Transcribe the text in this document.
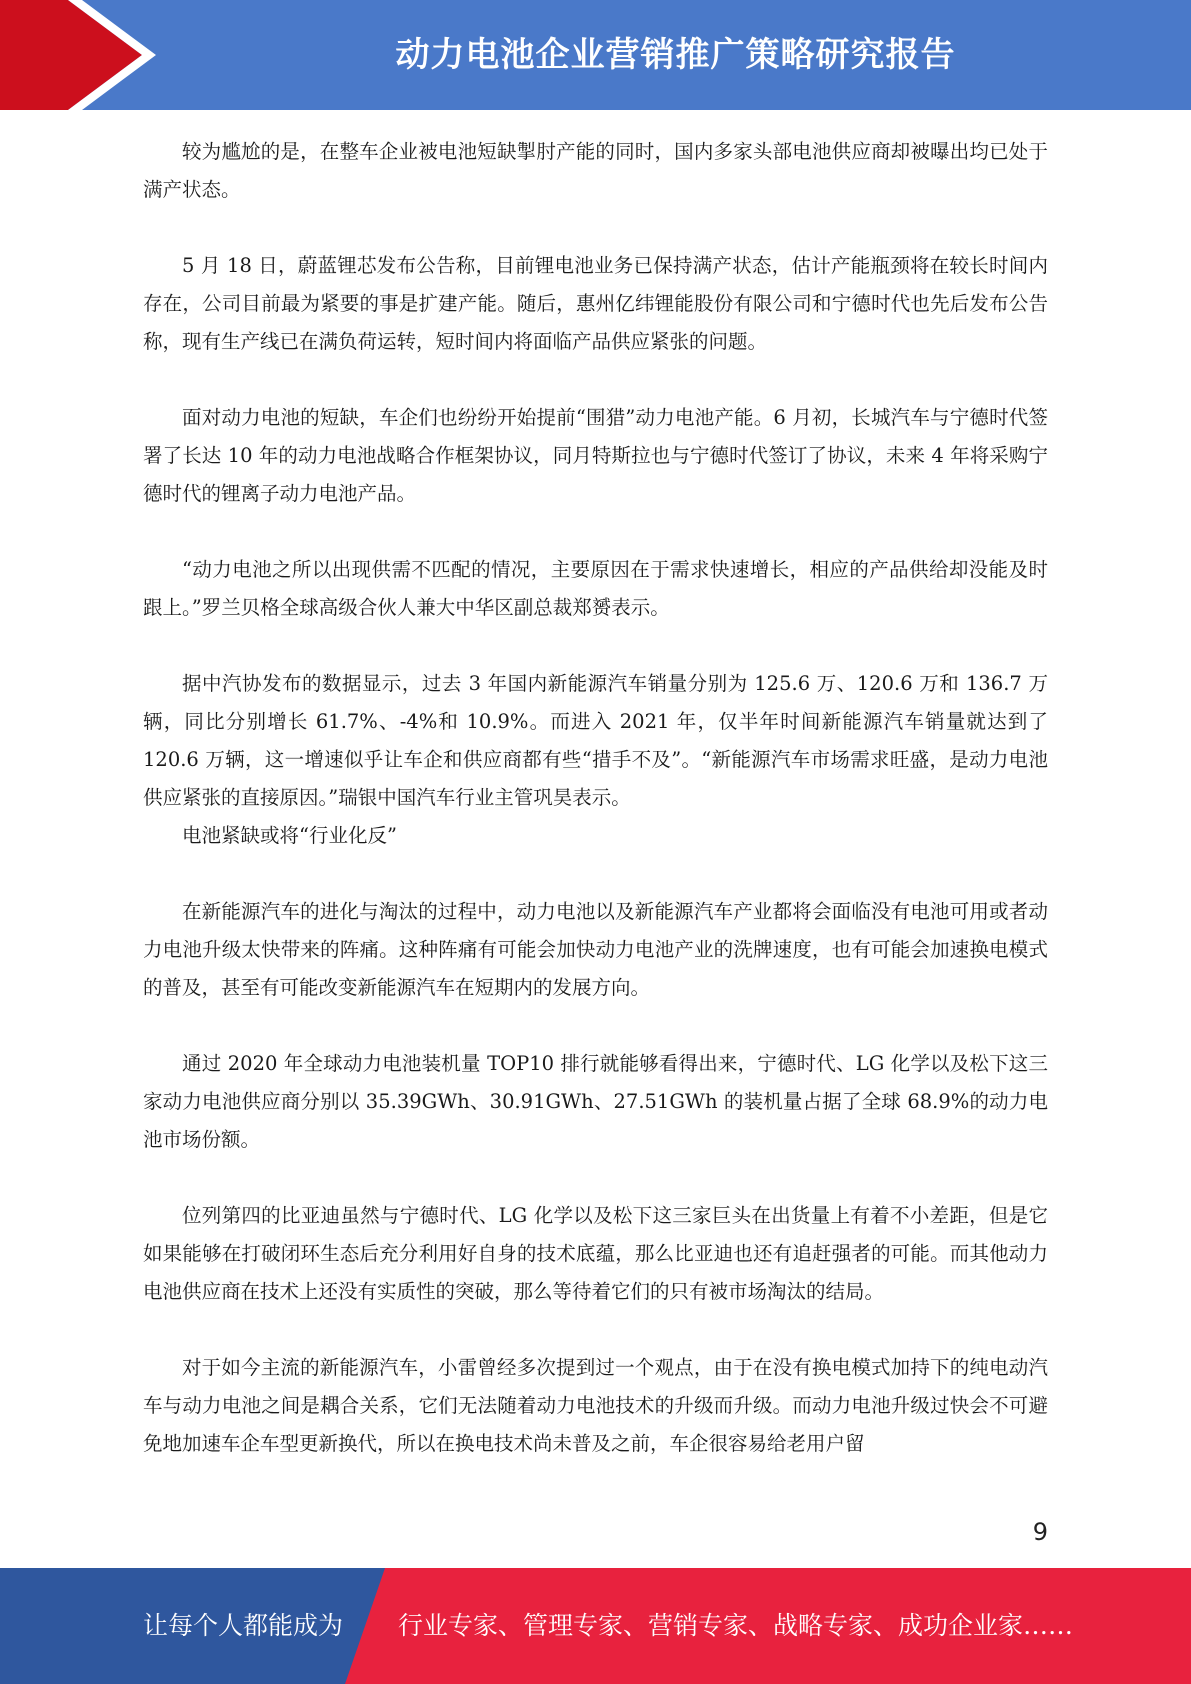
动力电池企业营销推广策略研究报告

较为尴尬的是，在整车企业被电池短缺掣肘产能的同时，国内多家头部电池供应商却被曝出均已处于满产状态。

5 月 18 日，蔚蓝锂芯发布公告称，目前锂电池业务已保持满产状态，估计产能瓶颈将在较长时间内存在，公司目前最为紧要的事是扩建产能。随后，惠州亿纬锂能股份有限公司和宁德时代也先后发布公告称，现有生产线已在满负荷运转，短时间内将面临产品供应紧张的问题。

面对动力电池的短缺，车企们也纷纷开始提前“围猎”动力电池产能。6 月初，长城汽车与宁德时代签署了长达 10 年的动力电池战略合作框架协议，同月特斯拉也与宁德时代签订了协议，未来 4 年将采购宁德时代的锂离子动力电池产品。

“动力电池之所以出现供需不匹配的情况，主要原因在于需求快速增长，相应的产品供给却没能及时跟上。”罗兰贝格全球高级合伙人兼大中华区副总裁郑赟表示。

据中汽协发布的数据显示，过去 3 年国内新能源汽车销量分别为 125.6 万、120.6 万和 136.7 万辆，同比分别增长 61.7%、-4%和 10.9%。而进入 2021 年，仅半年时间新能源汽车销量就达到了 120.6 万辆，这一增速似乎让车企和供应商都有些“措手不及”。“新能源汽车市场需求旺盛，是动力电池供应紧张的直接原因。”瑞银中国汽车行业主管巩昊表示。

电池紧缺或将“行业化反”

在新能源汽车的进化与淘汰的过程中，动力电池以及新能源汽车产业都将会面临没有电池可用或者动力电池升级太快带来的阵痛。这种阵痛有可能会加快动力电池产业的洗牌速度，也有可能会加速换电模式的普及，甚至有可能改变新能源汽车在短期内的发展方向。

通过 2020 年全球动力电池装机量 TOP10 排行就能够看得出来，宁德时代、LG 化学以及松下这三家动力电池供应商分别以 35.39GWh、30.91GWh、27.51GWh 的装机量占据了全球 68.9%的动力电池市场份额。

位列第四的比亚迪虽然与宁德时代、LG 化学以及松下这三家巨头在出货量上有着不小差距，但是它如果能够在打破闭环生态后充分利用好自身的技术底蕴，那么比亚迪也还有追赶强者的可能。而其他动力电池供应商在技术上还没有实质性的突破，那么等待着它们的只有被市场淘汰的结局。

对于如今主流的新能源汽车，小雷曾经多次提到过一个观点，由于在没有换电模式加持下的纯电动汽车与动力电池之间是耦合关系，它们无法随着动力电池技术的升级而升级。而动力电池升级过快会不可避免地加速车企车型更新换代，所以在换电技术尚未普及之前，车企很容易给老用户留

9
让每个人都能成为 行业专家、管理专家、营销专家、战略专家、成功企业家……
